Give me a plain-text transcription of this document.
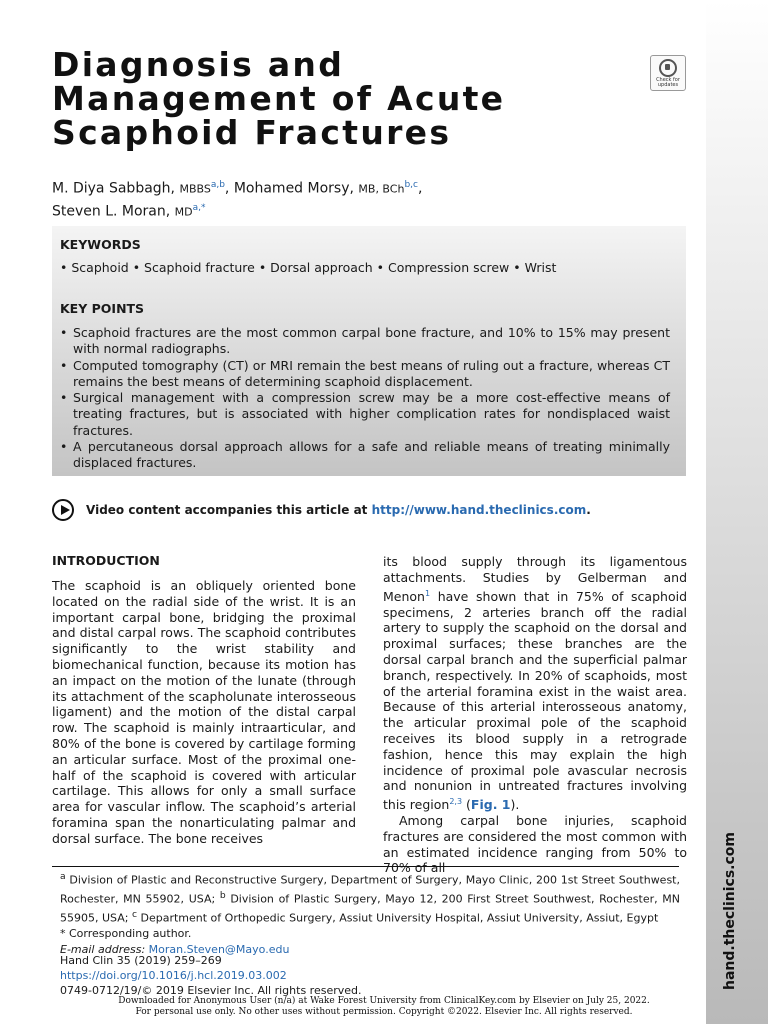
hand.theclinics.com
Diagnosis and Management of Acute Scaphoid Fractures
Check for updates
M. Diya Sabbagh, MBBS$^{a,b}$, Mohamed Morsy, MB, BCh$^{b,c}$,
Steven L. Moran, $MD^{a,*}$
KEYWORDS
• Scaphoid • Scaphoid fracture • Dorsal approach • Compression screw • Wrist
KEY POINTS
• Scaphoid fractures are the most common carpal bone fracture, and 10% to 15% may present with normal radiographs.
• Computed tomography (CT) or MRI remain the best means of ruling out a fracture, whereas CT remains the best means of determining scaphoid displacement.
• Surgical management with a compression screw may be a more cost-effective means of treating fractures, but is associated with higher complication rates for nondisplaced waist fractures.
• A percutaneous dorsal approach allows for a safe and reliable means of treating minimally displaced fractures.
Video content accompanies this article at http://www.hand.theclinics.com.
INTRODUCTION

The scaphoid is an obliquely oriented bone located on the radial side of the wrist. It is an important carpal bone, bridging the proximal and distal carpal rows. The scaphoid contributes significantly to the wrist stability and biomechanical function, because its motion has an impact on the motion of the lunate (through its attachment of the scapholunate interosseous ligament) and the motion of the distal carpal row. The scaphoid is mainly intraarticular, and 80% of the bone is covered by cartilage forming an articular surface. Most of the proximal one-half of the scaphoid is covered with articular cartilage. This allows for only a small surface area for vascular inflow. The scaphoid’s arterial foramina span the nonarticulating palmar and dorsal surface. The bone receives

its blood supply through its ligamentous attachments. Studies by Gelberman and Menon$^1$ have shown that in 75% of scaphoid specimens, 2 arteries branch off the radial artery to supply the scaphoid on the dorsal and proximal surfaces; these branches are the dorsal carpal branch and the superficial palmar branch, respectively. In 20% of scaphoids, most of the arterial foramina exist in the waist area. Because of this arterial interosseous anatomy, the articular proximal pole of the scaphoid receives its blood supply in a retrograde fashion, hence this may explain the high incidence of proximal pole avascular necrosis and nonunion in untreated fractures involving this region$^{2,3}$ (Fig. 1).

Among carpal bone injuries, scaphoid fractures are considered the most common with an estimated incidence ranging from 50% to 70% of all

$^a$ Division of Plastic and Reconstructive Surgery, Department of Surgery, Mayo Clinic, 200 1st Street Southwest, Rochester, MN 55902, USA; $^b$ Division of Plastic Surgery, Mayo 12, 200 First Street Southwest, Rochester, MN 55905, USA; $^c$ Department of Orthopedic Surgery, Assiut University Hospital, Assiut University, Assiut, Egypt

* Corresponding author.

E-mail address: Moran.Steven@Mayo.edu

Hand Clin 35 (2019) 259–269

https://doi.org/10.1016/j.hcl.2019.03.002

0749-0712/19/© 2019 Elsevier Inc. All rights reserved.

Downloaded for Anonymous User (n/a) at Wake Forest University from ClinicalKey.com by Elsevier on July 25, 2022.

For personal use only. No other uses without permission. Copyright ©2022. Elsevier Inc. All rights reserved.
